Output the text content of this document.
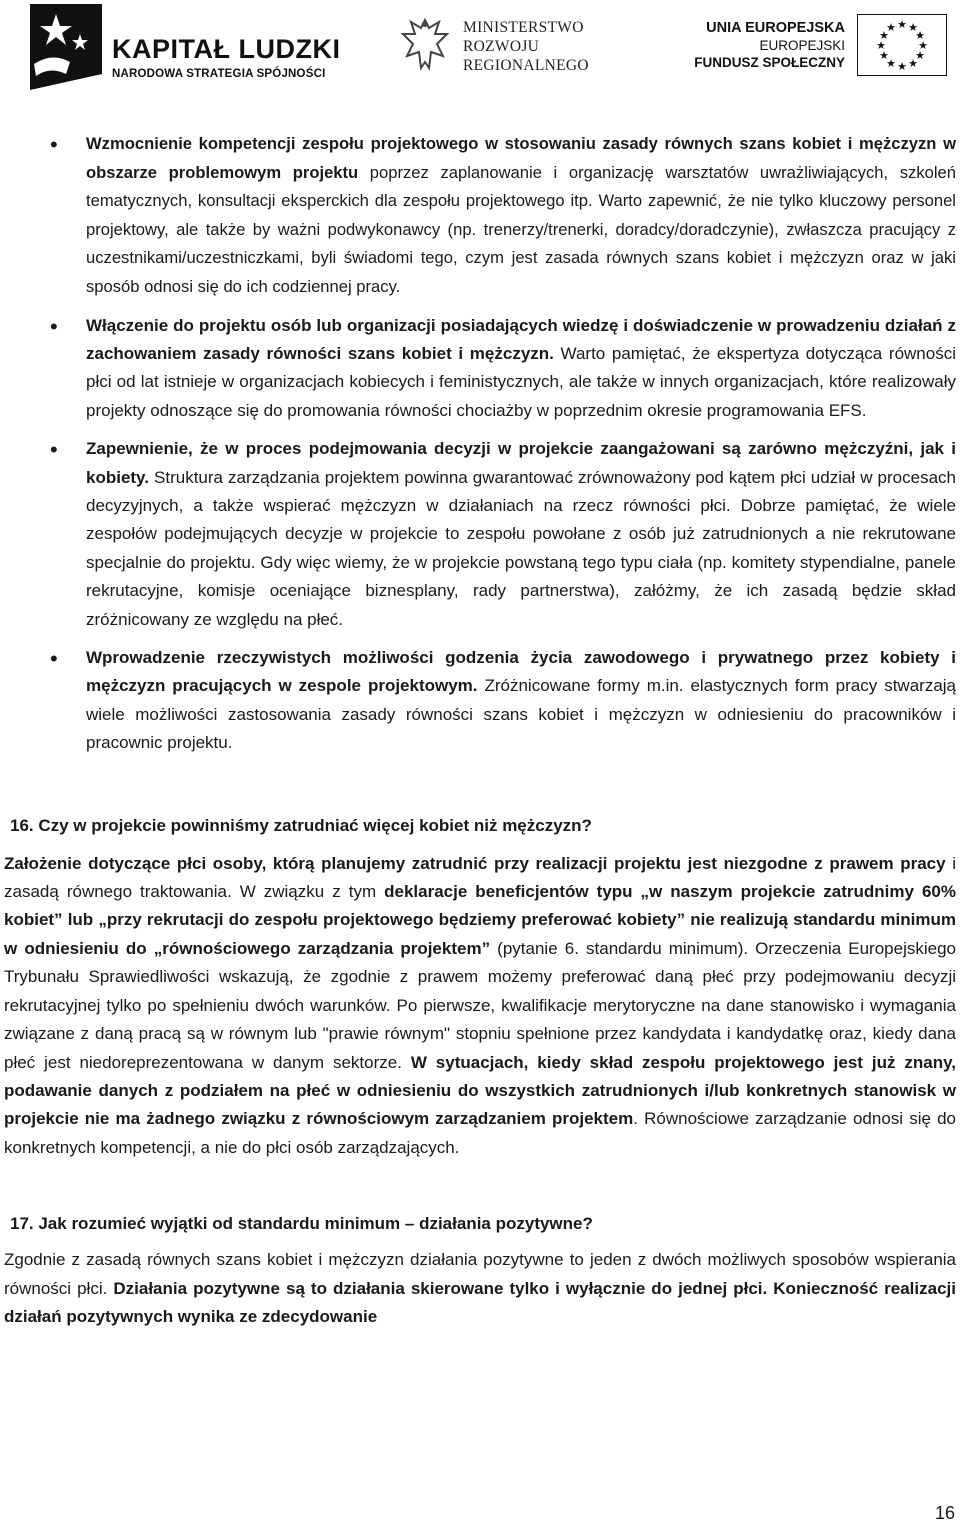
KAPITAŁ LUDZKI
NARODOWA STRATEGIA SPÓJNOŚCI
MINISTERSTWO
ROZWOJU
REGIONALNEGO
UNIA EUROPEJSKA
EUROPEJSKI
FUNDUSZ SPOŁECZNY
★ ★
★
★
★
★
★
★
★
★
★
★
• Wzmocnienie kompetencji zespołu projektowego w stosowaniu zasady równych szans kobiet i mężczyzn w obszarze problemowym projektu poprzez zaplanowanie i organizację warsztatów uwrażliwiających, szkoleń tematycznych, konsultacji eksperckich dla zespołu projektowego itp. Warto zapewnić, że nie tylko kluczowy personel projektowy, ale także by ważni podwykonawcy (np. trenerzy/trenerki, doradcy/doradczynie), zwłaszcza pracujący z uczestnikami/uczestniczkami, byli świadomi tego, czym jest zasada równych szans kobiet i mężczyzn oraz w jaki sposób odnosi się do ich codziennej pracy.
• Włączenie do projektu osób lub organizacji posiadających wiedzę i doświadczenie w prowadzeniu działań z zachowaniem zasady równości szans kobiet i mężczyzn. Warto pamiętać, że ekspertyza dotycząca równości płci od lat istnieje w organizacjach kobiecych i feministycznych, ale także w innych organizacjach, które realizowały projekty odnoszące się do promowania równości chociażby w poprzednim okresie programowania EFS.
• Zapewnienie, że w proces podejmowania decyzji w projekcie zaangażowani są zarówno mężczyźni, jak i kobiety. Struktura zarządzania projektem powinna gwarantować zrównoważony pod kątem płci udział w procesach decyzyjnych, a także wspierać mężczyzn w działaniach na rzecz równości płci. Dobrze pamiętać, że wiele zespołów podejmujących decyzje w projekcie to zespołu powołane z osób już zatrudnionych a nie rekrutowane specjalnie do projektu. Gdy więc wiemy, że w projekcie powstaną tego typu ciała (np. komitety stypendialne, panele rekrutacyjne, komisje oceniające biznesplany, rady partnerstwa), załóżmy, że ich zasadą będzie skład zróżnicowany ze względu na płeć.
• Wprowadzenie rzeczywistych możliwości godzenia życia zawodowego i prywatnego przez kobiety i mężczyzn pracujących w zespole projektowym. Zróżnicowane formy m.in. elastycznych form pracy stwarzają wiele możliwości zastosowania zasady równości szans kobiet i mężczyzn w odniesieniu do pracowników i pracownic projektu.

16. Czy w projekcie powinniśmy zatrudniać więcej kobiet niż mężczyzn?

Założenie dotyczące płci osoby, którą planujemy zatrudnić przy realizacji projektu jest niezgodne z prawem pracy i zasadą równego traktowania. W związku z tym deklaracje beneficjentów typu „w naszym projekcie zatrudnimy 60% kobiet” lub „przy rekrutacji do zespołu projektowego będziemy preferować kobiety” nie realizują standardu minimum w odniesieniu do „równościowego zarządzania projektem” (pytanie 6. standardu minimum). Orzeczenia Europejskiego Trybunału Sprawiedliwości wskazują, że zgodnie z prawem możemy preferować daną płeć przy podejmowaniu decyzji rekrutacyjnej tylko po spełnieniu dwóch warunków. Po pierwsze, kwalifikacje merytoryczne na dane stanowisko i wymagania związane z daną pracą są w równym lub "prawie równym" stopniu spełnione przez kandydata i kandydatkę oraz, kiedy dana płeć jest niedoreprezentowana w danym sektorze. W sytuacjach, kiedy skład zespołu projektowego jest już znany, podawanie danych z podziałem na płeć w odniesieniu do wszystkich zatrudnionych i/lub konkretnych stanowisk w projekcie nie ma żadnego związku z równościowym zarządzaniem projektem. Równościowe zarządzanie odnosi się do konkretnych kompetencji, a nie do płci osób zarządzających.

17. Jak rozumieć wyjątki od standardu minimum – działania pozytywne?

Zgodnie z zasadą równych szans kobiet i mężczyzn działania pozytywne to jeden z dwóch możliwych sposobów wspierania równości płci. Działania pozytywne są to działania skierowane tylko i wyłącznie do jednej płci. Konieczność realizacji działań pozytywnych wynika ze zdecydowanie

16
